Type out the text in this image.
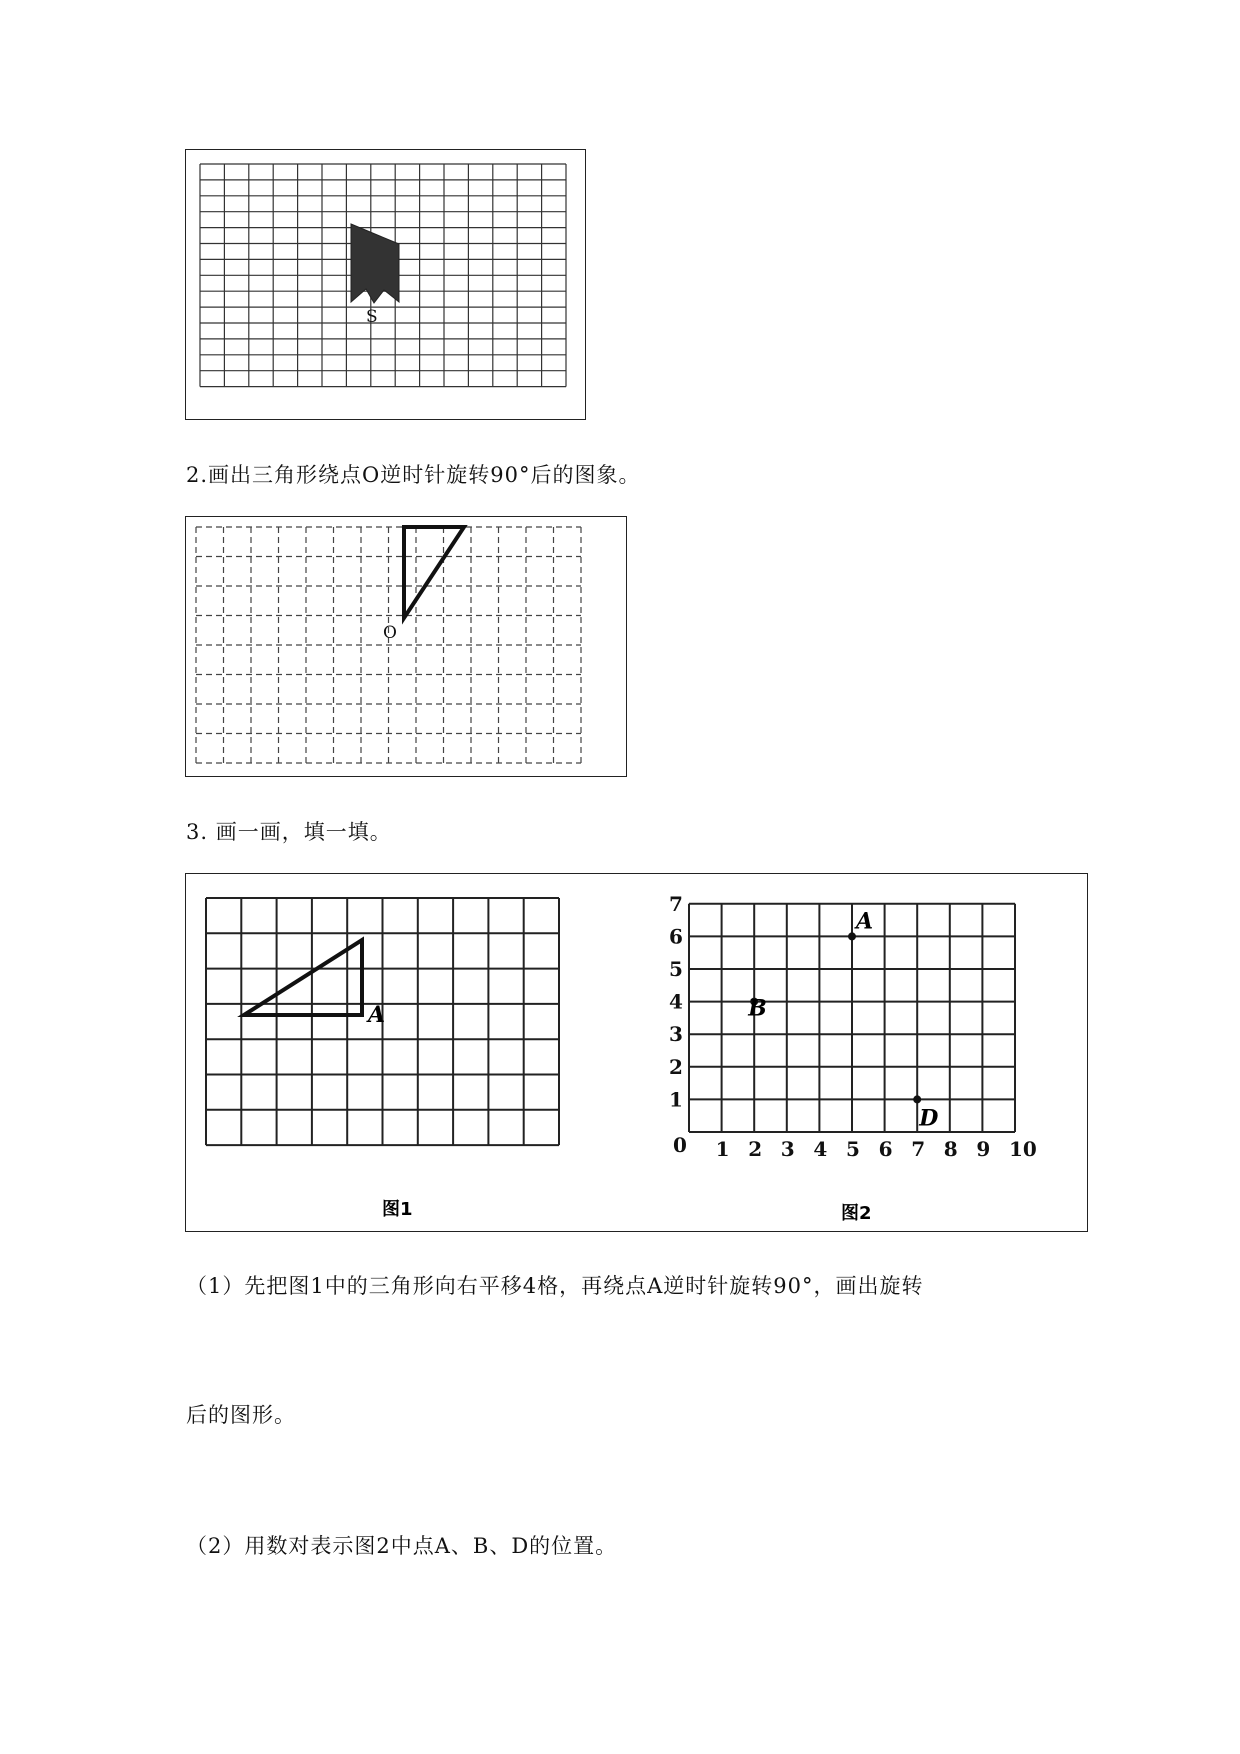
S
2.画出三角形绕点O逆时针旋转90°后的图象。
O
3. 画一画，填一填。
A
图1
0 1 2 3 4 5 6 7 8 9 10
1
2
3
4
5
6
7
A
B
D
图2
（1）先把图1中的三角形向右平移4格，再绕点A逆时针旋转90°，画出旋转
后的图形。
（2）用数对表示图2中点A、B、D的位置。
